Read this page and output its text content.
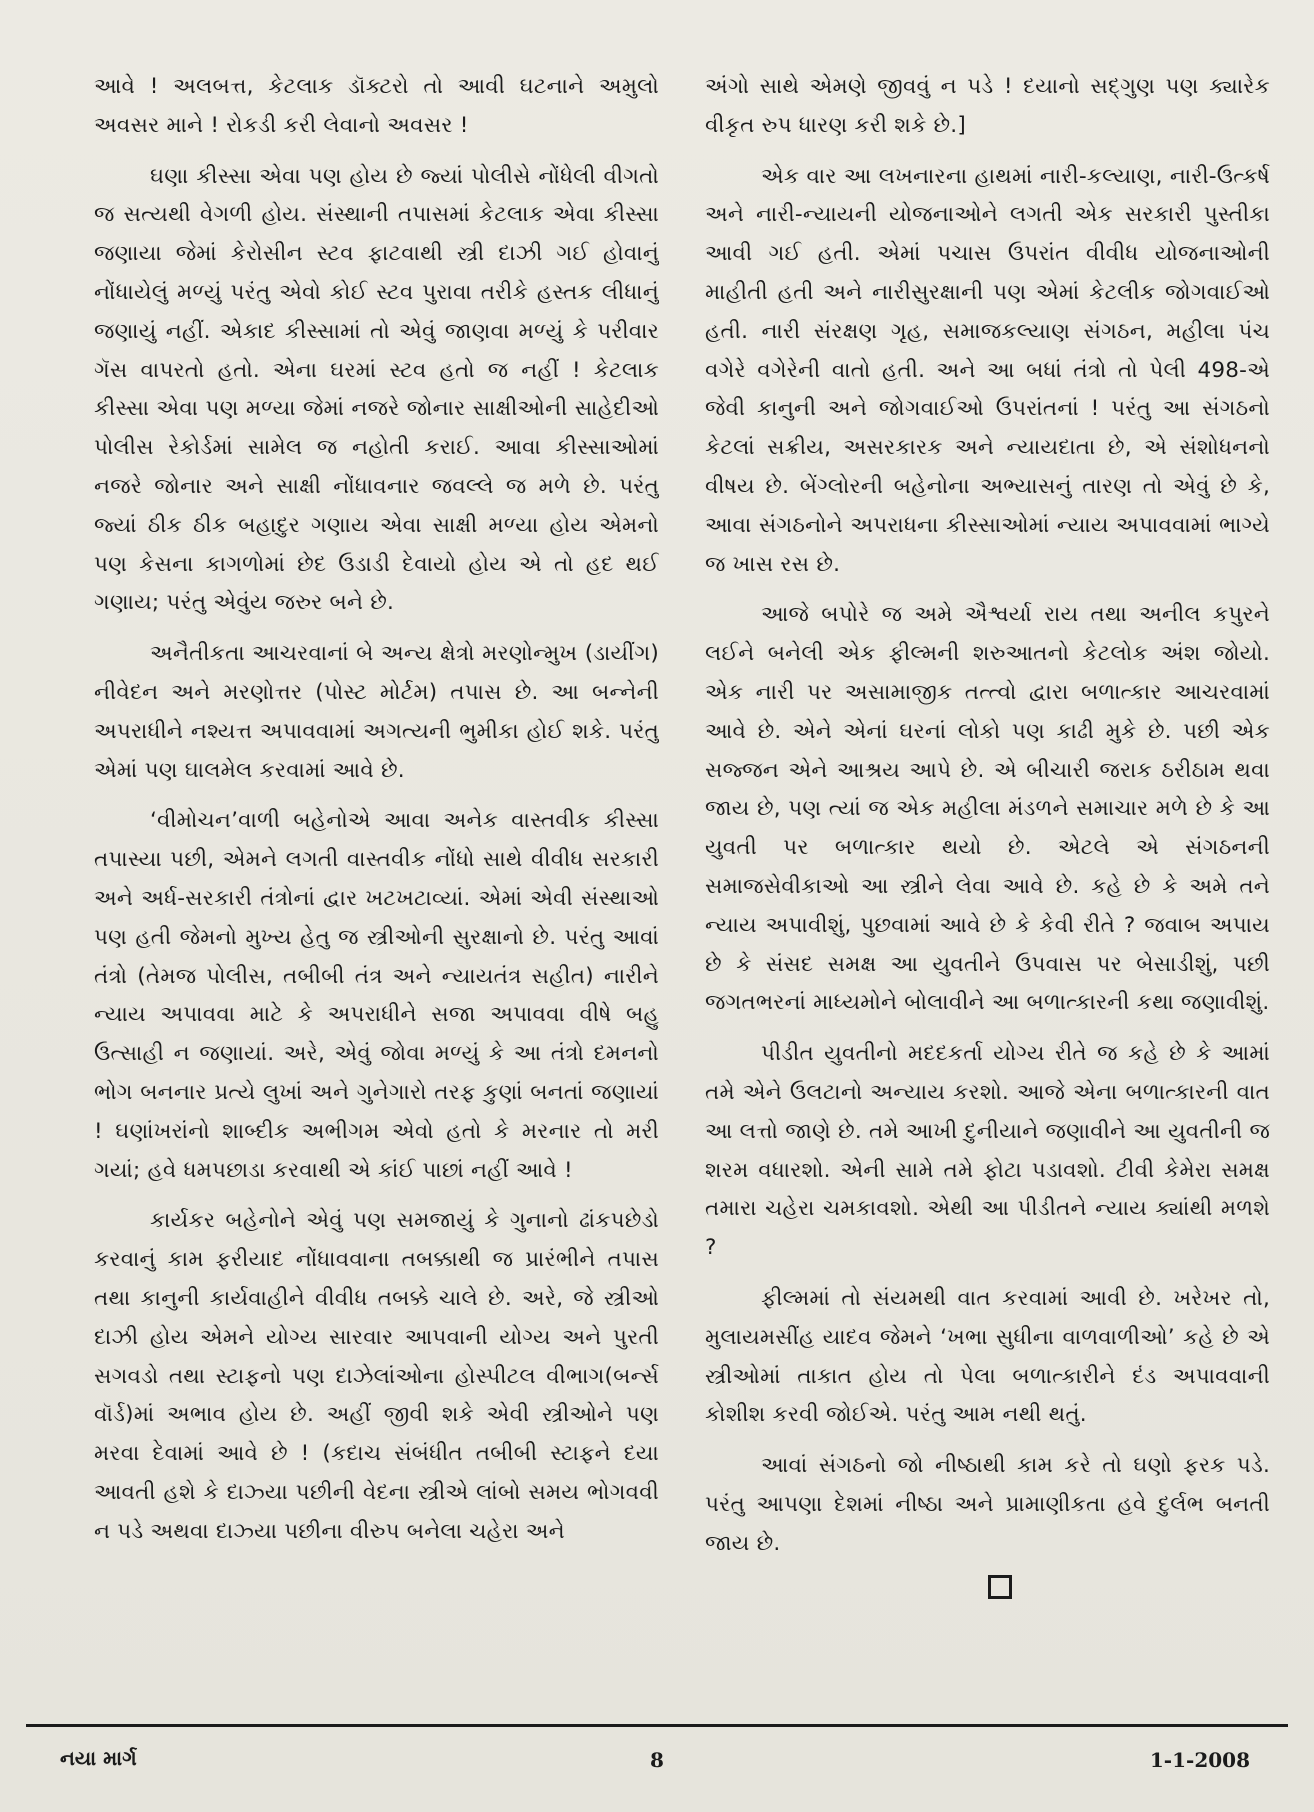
આવે ! અલબત્ત, કેટલાક ડૉક્ટરો તો આવી ઘટનાને અમુલો અવસર માને ! રોકડી કરી લેવાનો અવસર !

ઘણા કીસ્સા એવા પણ હોય છે જ્યાં પોલીસે નોંધેલી વીગતો જ સત્યથી વેગળી હોય. સંસ્થાની તપાસમાં કેટલાક એવા કીસ્સા જણાયા જેમાં કેરોસીન સ્ટવ ફાટવાથી સ્ત્રી દાઝી ગઈ હોવાનું નોંધાયેલું મળ્યું પરંતુ એવો કોઈ સ્ટવ પુરાવા તરીકે હસ્તક લીધાનું જણાયું નહીં. એકાદ કીસ્સામાં તો એવું જાણવા મળ્યું કે પરીવાર ગૅસ વાપરતો હતો. એના ઘરમાં સ્ટવ હતો જ નહીં ! કેટલાક કીસ્સા એવા પણ મળ્યા જેમાં નજરે જોનાર સાક્ષીઓની સાહેદીઓ પોલીસ રેકોર્ડમાં સામેલ જ નહોતી કરાઈ. આવા કીસ્સાઓમાં નજરે જોનાર અને સાક્ષી નોંધાવનાર જવલ્લે જ મળે છે. પરંતુ જ્યાં ઠીક ઠીક બહાદુર ગણાય એવા સાક્ષી મળ્યા હોય એમનો પણ કેસના કાગળોમાં છેદ ઉડાડી દેવાયો હોય એ તો હદ થઈ ગણાય; પરંતુ એવુંય જરુર બને છે.

અનૈતીકતા આચરવાનાં બે અન્ય ક્ષેત્રો મરણોન્મુખ (ડાયીંગ) નીવેદન અને મરણોત્તર (પોસ્ટ મોર્ટમ) તપાસ છે. આ બન્નેની અપરાધીને નશ્યત્ત અપાવવામાં અગત્યની ભુમીકા હોઈ શકે. પરંતુ એમાં પણ ઘાલમેલ કરવામાં આવે છે.

‘વીમોચન’વાળી બહેનોએ આવા અનેક વાસ્તવીક કીસ્સા તપાસ્યા પછી, એમને લગતી વાસ્તવીક નોંધો સાથે વીવીધ સરકારી અને અર્ધ-સરકારી તંત્રોનાં દ્વાર ખટખટાવ્યાં. એમાં એવી સંસ્થાઓ પણ હતી જેમનો મુખ્ય હેતુ જ સ્ત્રીઓની સુરક્ષાનો છે. પરંતુ આવાં તંત્રો (તેમજ પોલીસ, તબીબી તંત્ર અને ન્યાયતંત્ર સહીત) નારીને ન્યાય અપાવવા માટે કે અપરાધીને સજા અપાવવા વીષે બહુ ઉત્સાહી ન જણાયાં. અરે, એવું જોવા મળ્યું કે આ તંત્રો દમનનો ભોગ બનનાર પ્રત્યે લુખાં અને ગુનેગારો તરફ કુણાં બનતાં જણાયાં ! ઘણાંખરાંનો શાબ્દીક અભીગમ એવો હતો કે મરનાર તો મરી ગયાં; હવે ધમપછાડા કરવાથી એ કાંઈ પાછાં નહીં આવે !

કાર્યકર બહેનોને એવું પણ સમજાયું કે ગુનાનો ઢાંકપછેડો કરવાનું કામ ફરીયાદ નોંધાવવાના તબક્કાથી જ પ્રારંભીને તપાસ તથા કાનુની કાર્યવાહીને વીવીધ તબક્કે ચાલે છે. અરે, જે સ્ત્રીઓ દાઝી હોય એમને યોગ્ય સારવાર આપવાની યોગ્ય અને પુરતી સગવડો તથા સ્ટાફનો પણ દાઝેલાંઓના હોસ્પીટલ વીભાગ(બર્ન્સ વૉર્ડ)માં અભાવ હોય છે. અહીં જીવી શકે એવી સ્ત્રીઓને પણ મરવા દેવામાં આવે છે ! (કદાચ સંબંધીત તબીબી સ્ટાફને દયા આવતી હશે કે દાઝ્યા પછીની વેદના સ્ત્રીએ લાંબો સમય ભોગવવી ન પડે અથવા દાઝ્યા પછીના વીરુપ બનેલા ચહેરા અને

અંગો સાથે એમણે જીવવું ન પડે ! દયાનો સદ્ગુણ પણ ક્યારેક વીકૃત રુપ ધારણ કરી શકે છે.]

એક વાર આ લખનારના હાથમાં નારી-કલ્યાણ, નારી-ઉત્કર્ષ અને નારી-ન્યાયની યોજનાઓને લગતી એક સરકારી પુસ્તીકા આવી ગઈ હતી. એમાં પચાસ ઉપરાંત વીવીધ યોજનાઓની માહીતી હતી અને નારીસુરક્ષાની પણ એમાં કેટલીક જોગવાઈઓ હતી. નારી સંરક્ષણ ગૃહ, સમાજકલ્યાણ સંગઠન, મહીલા પંચ વગેરે વગેરેની વાતો હતી. અને આ બધાં તંત્રો તો પેલી 498-એ જેવી કાનુની અને જોગવાઈઓ ઉપરાંતનાં ! પરંતુ આ સંગઠનો કેટલાં સક્રીય, અસરકારક અને ન્યાયદાતા છે, એ સંશોધનનો વીષય છે. બેંગ્લોરની બહેનોના અભ્યાસનું તારણ તો એવું છે કે, આવા સંગઠનોને અપરાધના કીસ્સાઓમાં ન્યાય અપાવવામાં ભાગ્યે જ ખાસ રસ છે.

આજે બપોરે જ અમે ઐશ્વર્યા રાય તથા અનીલ કપુરને લઈને બનેલી એક ફીલ્મની શરુઆતનો કેટલોક અંશ જોયો. એક નારી પર અસામાજીક તત્ત્વો દ્વારા બળાત્કાર આચરવામાં આવે છે. એને એનાં ઘરનાં લોકો પણ કાઢી મુકે છે. પછી એક સજ્જન એને આશ્રય આપે છે. એ બીચારી જરાક ઠરીઠામ થવા જાય છે, પણ ત્યાં જ એક મહીલા મંડળને સમાચાર મળે છે કે આ યુવતી પર બળાત્કાર થયો છે. એટલે એ સંગઠનની સમાજસેવીકાઓ આ સ્ત્રીને લેવા આવે છે. કહે છે કે અમે તને ન્યાય અપાવીશું, પુછવામાં આવે છે કે કેવી રીતે ? જવાબ અપાય છે કે સંસદ સમક્ષ આ યુવતીને ઉપવાસ પર બેસાડીશું, પછી જગતભરનાં માધ્યમોને બોલાવીને આ બળાત્કારની કથા જણાવીશું.

પીડીત યુવતીનો મદદકર્તા યોગ્ય રીતે જ કહે છે કે આમાં તમે એને ઉલટાનો અન્યાય કરશો. આજે એના બળાત્કારની વાત આ લત્તો જાણે છે. તમે આખી દુનીયાને જણાવીને આ યુવતીની જ શરમ વધારશો. એની સામે તમે ફોટા પડાવશો. ટીવી કેમેરા સમક્ષ તમારા ચહેરા ચમકાવશો. એથી આ પીડીતને ન્યાય ક્યાંથી મળશે ?

ફીલ્મમાં તો સંયમથી વાત કરવામાં આવી છે. ખરેખર તો, મુલાયમસીંહ યાદવ જેમને ‘ખભા સુધીના વાળવાળીઓ’ કહે છે એ સ્ત્રીઓમાં તાકાત હોય તો પેલા બળાત્કારીને દંડ અપાવવાની કોશીશ કરવી જોઈએ. પરંતુ આમ નથી થતું.

આવાં સંગઠનો જો નીષ્ઠાથી કામ કરે તો ઘણો ફરક પડે. પરંતુ આપણા દેશમાં નીષ્ઠા અને પ્રામાણીકતા હવે દુર્લભ બનતી જાય છે.

નયા માર્ગ	8	1-1-2008
